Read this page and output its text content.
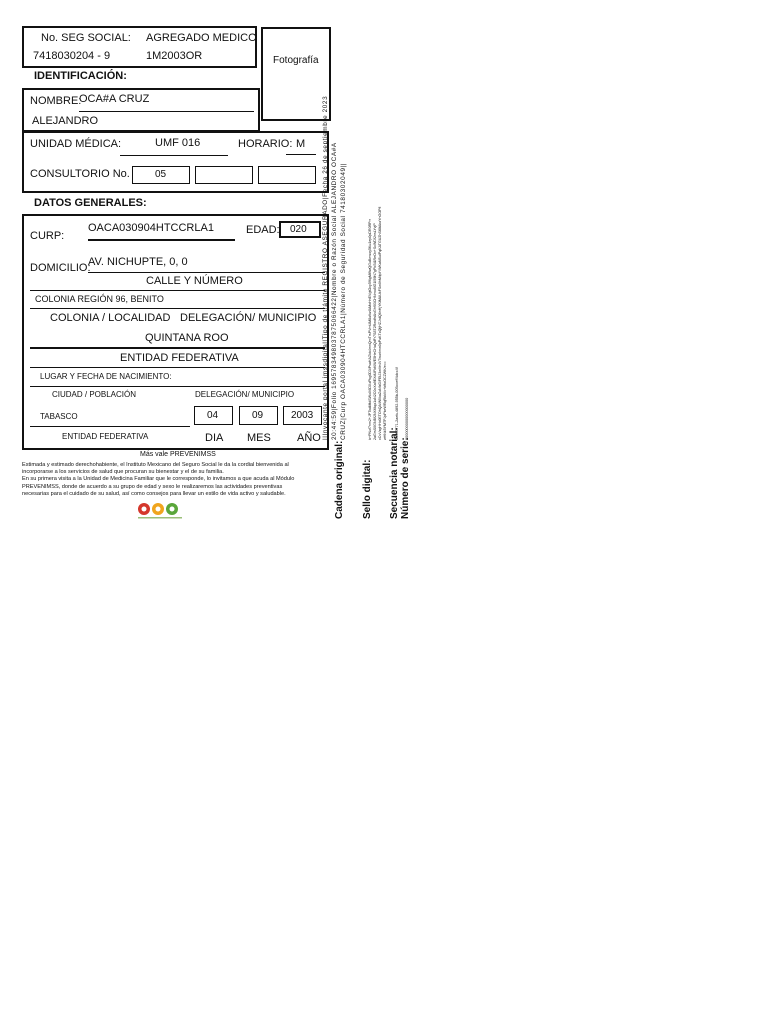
No. SEG SOCIAL:
7418030204 - 9
AGREGADO MEDICO
1M2003OR	Fotografía
IDENTIFICACIÓN:
NOMBRE:
OCA#A CRUZ
ALEJANDRO
UNIDAD MÉDICA:	UMF 016	HORARIO: M
CONSULTORIO No.	05
DATOS GENERALES:
CURP:
OACA030904HTCCRLA1	EDAD: 020
DOMICILIO:
AV. NICHUPTE, 0, 0
CALLE Y NÚMERO
COLONIA REGIÓN 96, BENITO
COLONIA / LOCALIDAD DELEGACIÓN/ MUNICIPIO
QUINTANA ROO
ENTIDAD FEDERATIVA
LUGAR Y FECHA DE NACIMIENTO:
CIUDAD / POBLACIÓN	DELEGACIÓN/ MUNICIPIO
TABASCO	04	09	2003
ENTIDAD FEDERATIVA	DIA MES AÑO
Más vale PREVENIMSS
Estimada y estimado derechohabiente, el Instituto Mexicano del Seguro Social le da la cordial bienvenida al
incorporarse a los servicios de salud que procuran su bienestar y el de su familia.
En su primera visita a la Unidad de Medicina Familiar que le corresponde, lo invitamos a que acuda al Módulo
PREVENIMSS, donde de acuerdo a su grupo de edad y sexo le realizaremos las actividades preventivas
necesarias para el cuidado de su salud, así como consejos para llevar un estilo de vida activo y saludable.	Cadena original: Sello digital: Secuencia notarial: Número de serie:
||Invocante portal imssdigital|Tipo de trámite REGISTRO ASEGURADO|Fecha 26 de septiembre 2023 20:44:59|Folio 1695783498037875066422|Nombre o Razón Social ALEJANDRO OCA#A CRUZ|Curp OACA030904HTCCRLA1|Número de Seguridad Social 74180302049||	b+PNxf7nm2+JPTbdMtdSWxX6DXxPkg0D3iPsaHAZkb4mnQmTrsPVmUM8ufkzfAMoHnEVgtOcy5f6gMt9wQGuBmsoy5Ku1ep0pDR0RPrr 2aGrsS0GNBf2NXKtqx1uN2C0oXa9EXdUFkKlWE5HeCHaQdFr7S8T2RwdfrAlvGhf03CHNmo8IG1I59N7gPkSt1ReOv+ScWDf2nsLYvjP cCvVzgHHc0ETOhQA/WIlkaZuNfzDiFEtJ3wVe4V7wurImw0pPuKTxQtjHZJrdQ6nHjYKtMAUkFSw0hMitpY/WKaNBuIPqKATGUZhSt8tAbxYnGOPfl wHNk5YMTPJpPkeWRqRbkVc+bftoOCZWK/e== 00055771-2aeb-4892-955b-005cceff4dcc4f 00000000000000000000
